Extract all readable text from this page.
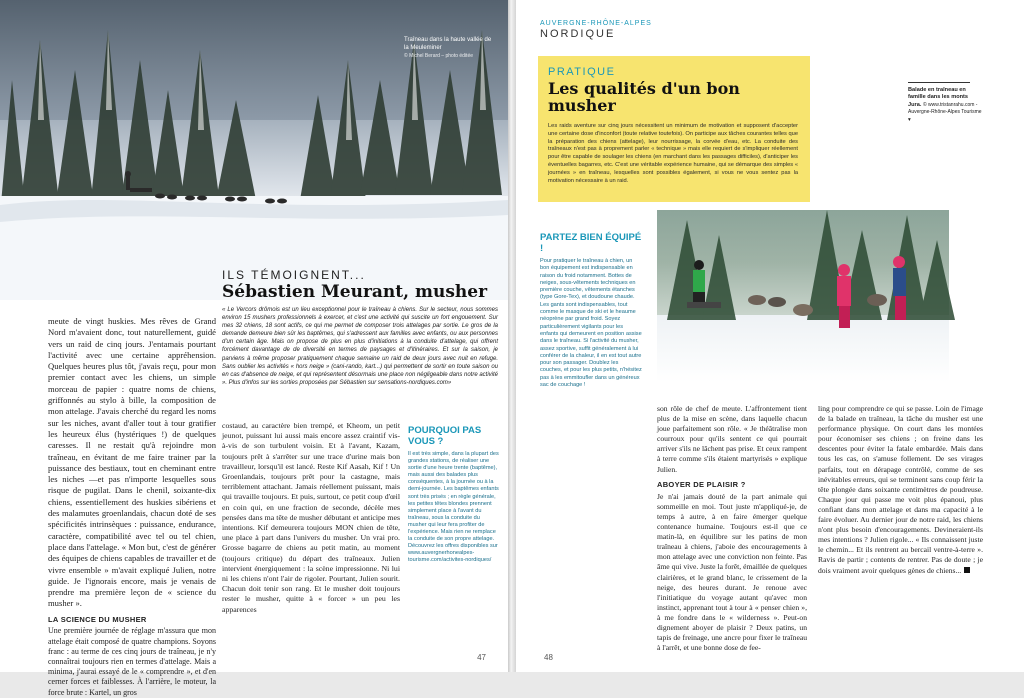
Traîneau dans la haute vallée de la Meuleminer
© Michel Berard – photo éditée
ILS TÉMOIGNENT...
Sébastien Meurant, musher

meute de vingt huskies. Mes rêves de Grand Nord m'avaient donc, tout naturellement, guidé vers un raid de cinq jours. J'entamais pourtant l'activité avec une certaine appréhension. Quelques heures plus tôt, j'avais reçu, pour mon premier contact avec les chiens, un simple morceau de papier : quatre noms de chiens, griffonnés au stylo à bille, la composition de mon attelage. J'avais cherché du regard les noms sur les niches, avant d'aller tout à tour gratifier les heureux élus (hystériques !) de quelques caresses. Il ne restait qu'à rejoindre mon traîneau, en évitant de me faire trainer par la puissance des bestiaux, tout en cheminant entre les niches —et pas n'importe lesquelles sous risque de pugilat. Dans le chenil, soixante-dix chiens, essentiellement des huskies sibériens et des malamutes groenlandais, chacun doté de ses spécificités intrinsèques : puissance, endurance, caractère, compatibilité avec tel ou tel chien, place dans l'attelage. « Mon but, c'est de générer des équipes de chiens capables de travailler et de vivre ensemble » m'avait expliqué Julien, notre guide. Je l'ignorais encore, mais je venais de prendre ma première leçon de « science du musher ».

LA SCIENCE DU MUSHER

Une première journée de réglage m'assura que mon attelage était composé de quatre champions. Soyons franc : au terme de ces cinq jours de traîneau, je n'y connaîtrai toujours rien en termes d'attelage. Mais a minima, j'aurai essayé de le « comprendre », et d'en cerner forces et faiblesses. À l'arrière, le moteur, la force brute : Kartel, un gros

« Le Vercors drômois est un lieu exceptionnel pour le traîneau à chiens. Sur le secteur, nous sommes environ 15 mushers professionnels à exercer, et c'est une activité qui suscite un fort engouement. Sur mes 32 chiens, 18 sont actifs, ce qui me permet de composer trois attelages par sortie. Le gros de la demande demeure bien sûr les baptêmes, qui s'adressent aux familles avec enfants, ou aux personnes d'un certain âge. Mais on propose de plus en plus d'initiations à la conduite d'attelage, qui offrent forcément davantage de de diversité en termes de paysages et d'itinéraires. Et sur la saison, je parviens à même proposer pratiquement chaque semaine un raid de deux jours avec nuit en refuge. Sans oublier les activités « hors neige » (cani-rando, kart...) qui permettent de sortir en toute saison ou en cas d'absence de neige, et qui représentent désormais une place non négligeable dans notre activité ». Plus d'infos sur les sorties proposées par Sébastien sur sensations-nordiques.com»
costaud, au caractère bien trempé, et Kheom, un petit jeunot, puissant lui aussi mais encore assez craintif vis-à-vis de son turbulent voisin. Et à l'avant, Kazam, toujours prêt à s'arrêter sur une trace d'urine mais bon travailleur, lorsqu'il est lancé. Reste Kif Aasah, Kif ! Un Groenlandais, toujours prêt pour la castagne, mais terriblement attachant. Jamais réellement puissant, mais qui travaille toujours. Et puis, surtout, ce petit coup d'œil en coin qui, en une fraction de seconde, décèle mes pensées dans ma tête de musher débutant et anticipe mes intentions. Kif demeurera toujours MON chien de tête, une place à part dans l'univers du musher. Un vrai pro. Grosse bagarre de chiens au petit matin, au moment (toujours critique) du départ des traîneaux. Julien intervient énergiquement : la scène impressionne. Ni lui ni les chiens n'ont l'air de rigoler. Pourtant, Julien sourit. Chacun doit tenir son rang. Et le musher doit toujours rester le musher, quitte à « forcer » un peu les apparences
POURQUOI PAS VOUS ?

Il est très simple, dans la plupart des grandes stations, de réaliser une sortie d'une heure trente (baptême), mais aussi des balades plus conséquentes, à la journée ou à la demi-journée. Les baptêmes enfants sont très prisés ; en règle générale, les petites têtes blondes prennent simplement place à l'avant du traîneau, sous la conduite du musher qui leur fera profiter de l'expérience. Mais rien ne remplace la conduite de son propre attelage. Découvrez les offres disponibles sur www.auvergnerhonealpes-tourisme.com/activites-nordiques/

47
AUVERGNE-RHÔNE-ALPES
NORDIQUE
PRATIQUE
Les qualités d'un bon musher
Les raids aventure sur cinq jours nécessitent un minimum de motivation et supposent d'accepter une certaine dose d'inconfort (toute relative toutefois). On participe aux tâches courantes telles que la préparation des chiens (attelage), leur nourrissage, la corvée d'eau, etc. La conduite des traîneaux n'est pas à proprement parler « technique » mais elle requiert de s'impliquer réellement pour être capable de soulager les chiens (en marchant dans les passages difficiles), d'anticiper les éventuelles bagarres, etc. C'est une véritable expérience humaine, qui se démarque des simples « journées » en traîneau, lesquelles sont possibles également, si vous ne vous sentez pas la motivation nécessaire à un raid.
Balade en traîneau en famille dans les monts Jura. © www.tristanrahu.com - Auvergne-Rhône-Alpes Tourisme
▾
PARTEZ BIEN ÉQUIPÉ !

Pour pratiquer le traîneau à chien, un bon équipement est indispensable en raison du froid notamment. Bottes de neiges, sous-vêtements techniques en première couche, vêtements étanches (type Gore-Tex), et doudoune chaude. Les gants sont indispensables, tout comme le masque de ski et le heaume néoprène par grand froid. Soyez particulièrement vigilants pour les enfants qui demeurent en position assise dans le traîneau. Si l'activité du musher, assez sportive, suffit généralement à lui conférer de la chaleur, il en est tout autre pour son passager. Doublez les couches, et pour les plus petits, n'hésitez pas à les emmitoufler dans un généreux sac de couchage !

son rôle de chef de meute. L'affrontement tient plus de la mise en scène, dans laquelle chacun joue parfaitement son rôle. « Je théâtralise mon courroux pour qu'ils sentent ce qui pourrait arriver s'ils ne lâchent pas prise. Et ceux rampent à terre comme s'ils étaient martyrisés » explique Julien.

ABOYER DE PLAISIR ?

Je n'ai jamais douté de la part animale qui sommeille en moi. Tout juste m'appliqué-je, de temps à autre, à en faire émerger quelque contenance humaine. Toujours est-il que ce matin-là, en équilibre sur les patins de mon traîneau à chiens, j'aboie des encouragements à mon attelage avec une conviction non feinte. Pas âme qui vive. Juste la forêt, émaillée de quelques clairières, et le grand blanc, le crissement de la neige, des heures durant. Je renoue avec l'initiatique du voyage autant qu'avec mon instinct, apprenant tout à tour à « penser chien », à me fondre dans le « wilderness ». Peut-on dignement aboyer de plaisir ? Deux patins, un tapis de freinage, une ancre pour fixer le traîneau à l'arrêt, et une bonne dose de fee-

ling pour comprendre ce qui se passe. Loin de l'image de la balade en traîneau, la tâche du musher est une performance physique. On court dans les montées pour économiser ses chiens ; on freine dans les descentes pour éviter la fatale embardée. Mais dans tous les cas, on s'amuse follement. De ses virages parfaits, tout en dérapage contrôlé, comme de ses inévitables erreurs, qui se terminent sans coup férir la tête plongée dans soixante centimètres de poudreuse. Chaque jour qui passe me voit plus épanoui, plus confiant dans mon attelage et dans ma capacité à le faire évoluer. Au dernier jour de notre raid, les chiens n'ont plus besoin d'encouragements. Devineraient-ils mes intentions ? Julien rigole... « Ils connaissent juste le chemin... Et ils rentrent au bercail ventre-à-terre ». Ravis de partir ; contents de rentrer. Pas de doute ; je dois vraiment avoir quelques gènes de chiens...
48
